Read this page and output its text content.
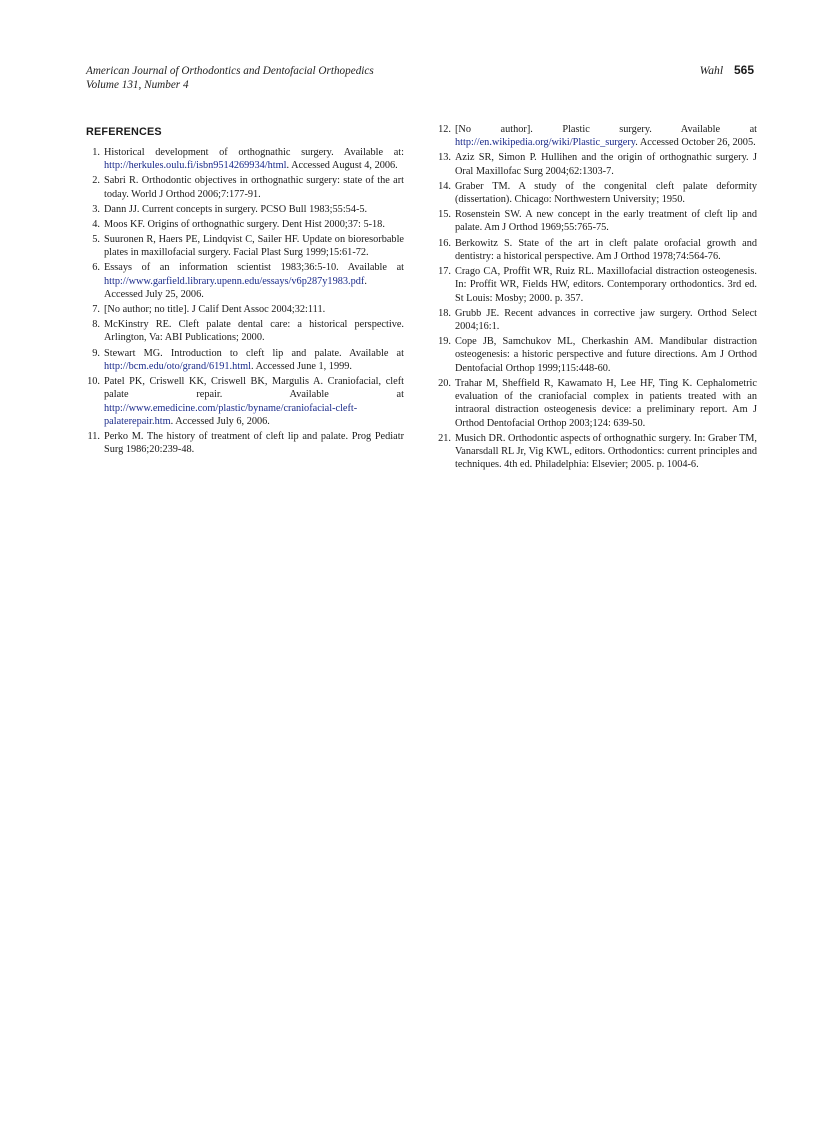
American Journal of Orthodontics and Dentofacial Orthopedics
Volume 131, Number 4
Wahl 565
REFERENCES
1. Historical development of orthognathic surgery. Available at: http://herkules.oulu.fi/isbn9514269934/html. Accessed August 4, 2006.
2. Sabri R. Orthodontic objectives in orthognathic surgery: state of the art today. World J Orthod 2006;7:177-91.
3. Dann JJ. Current concepts in surgery. PCSO Bull 1983;55:54-5.
4. Moos KF. Origins of orthognathic surgery. Dent Hist 2000;37: 5-18.
5. Suuronen R, Haers PE, Lindqvist C, Sailer HF. Update on bioresorbable plates in maxillofacial surgery. Facial Plast Surg 1999;15:61-72.
6. Essays of an information scientist 1983;36:5-10. Available at http://www.garfield.library.upenn.edu/essays/v6p287y1983.pdf. Accessed July 25, 2006.
7. [No author; no title]. J Calif Dent Assoc 2004;32:111.
8. McKinstry RE. Cleft palate dental care: a historical perspective. Arlington, Va: ABI Publications; 2000.
9. Stewart MG. Introduction to cleft lip and palate. Available at http://bcm.edu/oto/grand/6191.html. Accessed June 1, 1999.
10. Patel PK, Criswell KK, Criswell BK, Margulis A. Craniofacial, cleft palate repair. Available at http://www.emedicine.com/plastic/byname/craniofacial-cleft-palaterepair.htm. Accessed July 6, 2006.
11. Perko M. The history of treatment of cleft lip and palate. Prog Pediatr Surg 1986;20:239-48.
12. [No author]. Plastic surgery. Available at http://en.wikipedia.org/wiki/Plastic_surgery. Accessed October 26, 2005.
13. Aziz SR, Simon P. Hullihen and the origin of orthognathic surgery. J Oral Maxillofac Surg 2004;62:1303-7.
14. Graber TM. A study of the congenital cleft palate deformity (dissertation). Chicago: Northwestern University; 1950.
15. Rosenstein SW. A new concept in the early treatment of cleft lip and palate. Am J Orthod 1969;55:765-75.
16. Berkowitz S. State of the art in cleft palate orofacial growth and dentistry: a historical perspective. Am J Orthod 1978;74:564-76.
17. Crago CA, Proffit WR, Ruiz RL. Maxillofacial distraction osteogenesis. In: Proffit WR, Fields HW, editors. Contemporary orthodontics. 3rd ed. St Louis: Mosby; 2000. p. 357.
18. Grubb JE. Recent advances in corrective jaw surgery. Orthod Select 2004;16:1.
19. Cope JB, Samchukov ML, Cherkashin AM. Mandibular distraction osteogenesis: a historic perspective and future directions. Am J Orthod Dentofacial Orthop 1999;115:448-60.
20. Trahar M, Sheffield R, Kawamato H, Lee HF, Ting K. Cephalometric evaluation of the craniofacial complex in patients treated with an intraoral distraction osteogenesis device: a preliminary report. Am J Orthod Dentofacial Orthop 2003;124: 639-50.
21. Musich DR. Orthodontic aspects of orthognathic surgery. In: Graber TM, Vanarsdall RL Jr, Vig KWL, editors. Orthodontics: current principles and techniques. 4th ed. Philadelphia: Elsevier; 2005. p. 1004-6.
